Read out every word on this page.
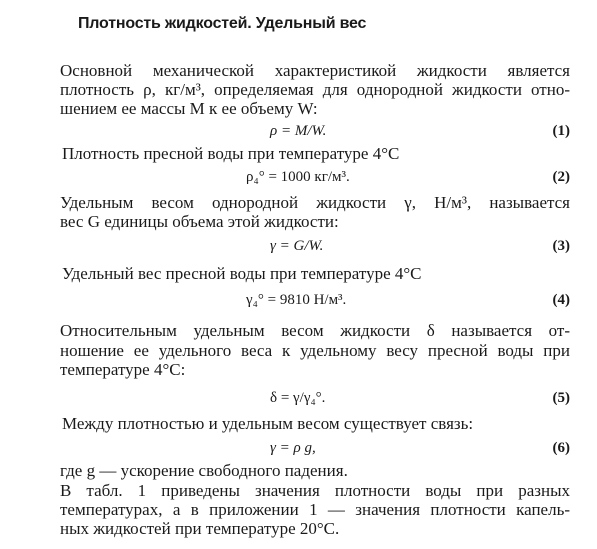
Плотность жидкостей. Удельный вес
Основной механической характеристикой жидкости является
плотность ρ, кг/м³, определяемая для однородной жидкости отно-
шением ее массы M к ее объему W:
ρ = M/W.	(1)
Плотность пресной воды при температуре 4°С
ρ₄° = 1000 кг/м³.	(2)
Удельным весом однородной жидкости γ, Н/м³, называется
вес G единицы объема этой жидкости:
γ = G/W.	(3)
Удельный вес пресной воды при температуре 4°С
γ₄° = 9810 Н/м³.	(4)
Относительным удельным весом жидкости δ называется от-
ношение ее удельного веса к удельному весу пресной воды при
температуре 4°С:
δ = γ/γ₄°.	(5)
Между плотностью и удельным весом существует связь:
γ = ρ g,	(6)
где g — ускорение свободного падения.
В табл. 1 приведены значения плотности воды при разных
температурах, а в приложении 1 — значения плотности капель-
ных жидкостей при температуре 20°С.
